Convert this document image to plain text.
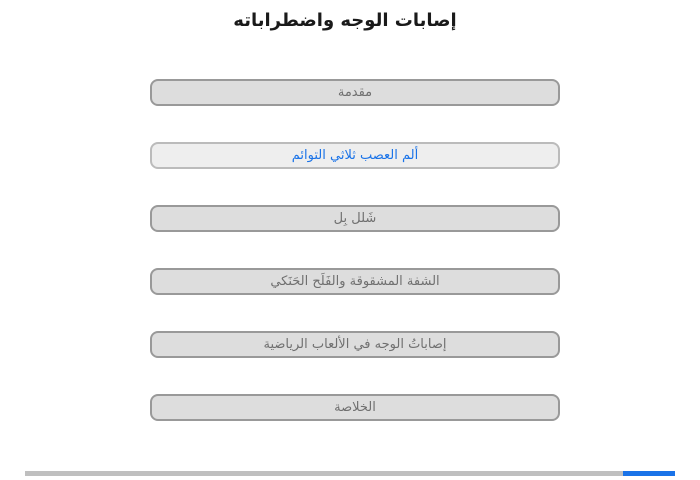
إصابات الوجه واضطراباته
مقدمة
ألم العصب ثلاثي التوائم
شَلل بِل
الشفة المشقوقة والفَلَح الحَنَكي
إصاباتُ الوجه في الألعاب الرياضية
الخلاصة
